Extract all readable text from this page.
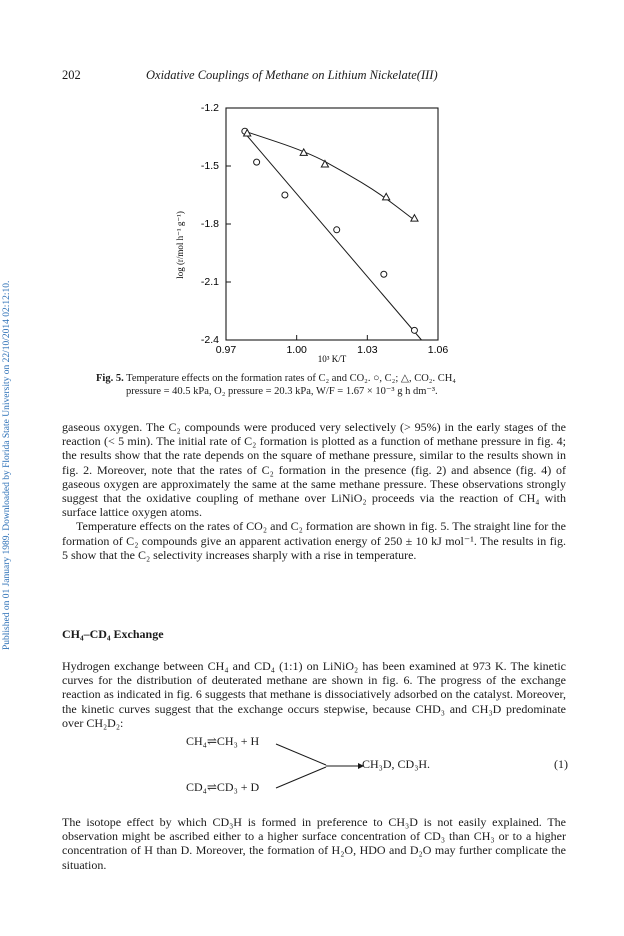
Published on 01 January 1989. Downloaded by Florida State University on 22/10/2014 02:12:10.
202	Oxidative Couplings of Methane on Lithium Nickelate(III)
-1.2
-1.5
-1.8
-2.1
-2.4
0.97	1.00	1.03	1.06
log (r/mol h⁻¹ g⁻¹)
10³ K/T
Fig. 5. Temperature effects on the formation rates of C₂ and CO₂. ○, C₂; △, CO₂. CH₄
pressure = 40.5 kPa, O₂ pressure = 20.3 kPa, W/F = 1.67 × 10⁻³ g h dm⁻³.

gaseous oxygen. The C₂ compounds were produced very selectively (> 95%) in the early stages of the reaction (< 5 min). The initial rate of C₂ formation is plotted as a function of methane pressure in fig. 4; the results show that the rate depends on the square of methane pressure, similar to the results shown in fig. 2. Moreover, note that the rates of C₂ formation in the presence (fig. 2) and absence (fig. 4) of gaseous oxygen are approximately the same at the same methane pressure. These observations strongly suggest that the oxidative coupling of methane over LiNiO₂ proceeds via the reaction of CH₄ with surface lattice oxygen atoms.

Temperature effects on the rates of CO₂ and C₂ formation are shown in fig. 5. The straight line for the formation of C₂ compounds give an apparent activation energy of 250 ± 10 kJ mol⁻¹. The results in fig. 5 show that the C₂ selectivity increases sharply with a rise in temperature.

CH₄–CD₄ Exchange

Hydrogen exchange between CH₄ and CD₄ (1:1) on LiNiO₂ has been examined at 973 K. The kinetic curves for the distribution of deuterated methane are shown in fig. 6. The progress of the exchange reaction as indicated in fig. 6 suggests that methane is dissociatively adsorbed on the catalyst. Moreover, the kinetic curves suggest that the exchange occurs stepwise, because CHD₃ and CH₃D predominate over CH₂D₂:

CH₄⇌CH₃ + H
CD₄⇌CD₃ + D
CH₃D, CD₃H.	(1)

The isotope effect by which CD₃H is formed in preference to CH₃D is not easily explained. The observation might be ascribed either to a higher surface concentration of CD₃ than CH₃ or to a higher concentration of H than D. Moreover, the formation of H₂O, HDO and D₂O may further complicate the situation.
